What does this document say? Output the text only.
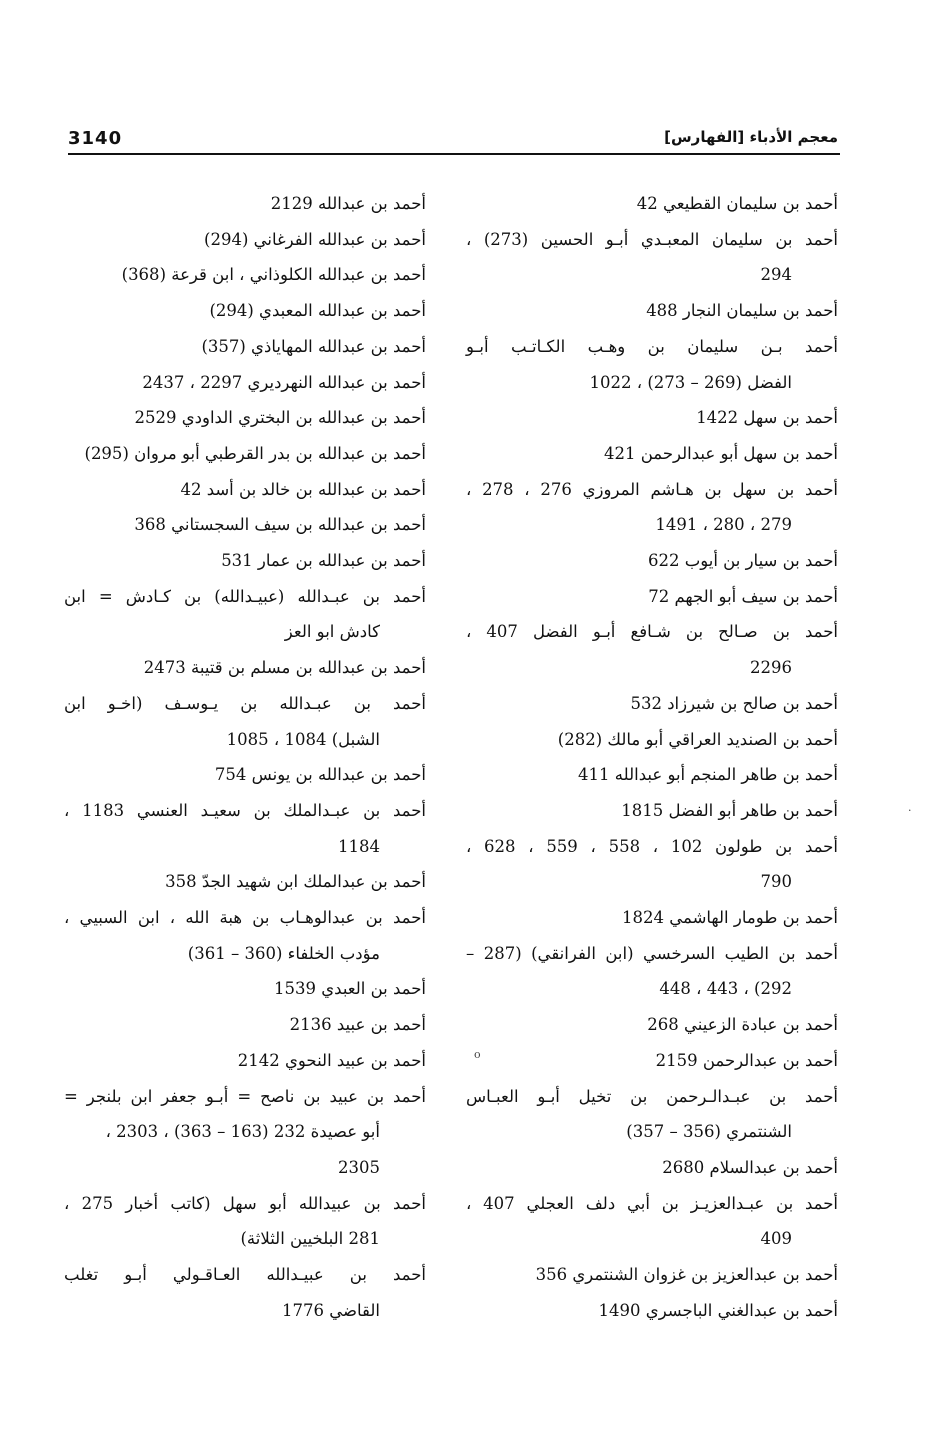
معجم الأدباء [الفهارس]
3140
أحمد بن سليمان القطيعي 42
أحمد بن سليمان المعبـدي أبـو الحسين (273) ،
294
أحمد بن سليمان النجار 488
أحمد بـن سليمان بن وهـب الكـاتـب أبـو
الفضل (269 – 273) ، 1022
أحمد بن سهل 1422
أحمد بن سهل أبو عبدالرحمن 421
أحمد بن سهل بن هـاشم المروزي 276 ، 278 ،
279 ، 280 ، 1491
أحمد بن سيار بن أيوب 622
أحمد بن سيف أبو الجهم 72
أحمد بن صـالح بن شـافع أبـو الفضل 407 ،
2296
أحمد بن صالح بن شيرزاد 532
أحمد بن الصنديد العراقي أبو مالك (282)
أحمد بن طاهر المنجم أبو عبدالله 411
أحمد بن طاهر أبو الفضل 1815
أحمد بن طولون 102 ، 558 ، 559 ، 628 ،
790
أحمد بن طومار الهاشمي 1824
أحمد بن الطيب السرخسي (ابن الفرانقي) (287 –
292) ، 443 ، 448
أحمد بن عبادة الزعيني 268
أحمد بن عبدالرحمن 2159
أحمد بن عبـدالـرحمن بن تخيل أبـو العبـاس
الشنتمري (356 – 357)
أحمد بن عبدالسلام 2680
أحمد بن عبـدالعزيـز بن أبي دلف العجلي 407 ،
409
أحمد بن عبدالعزيز بن غزوان الشنتمري 356
أحمد بن عبدالغني الباجسري 1490
أحمد بن عبدالله 2129
أحمد بن عبدالله الفرغاني (294)
أحمد بن عبدالله الكلوذاني ، ابن قرعة (368)
أحمد بن عبدالله المعبدي (294)
أحمد بن عبدالله المهاياذي (357)
أحمد بن عبدالله النهرديري 2297 ، 2437
أحمد بن عبدالله بن البختري الداودي 2529
أحمد بن عبدالله بن بدر القرطبي أبو مروان (295)
أحمد بن عبدالله بن خالد بن أسد 42
أحمد بن عبدالله بن سيف السجستاني 368
أحمد بن عبدالله بن عمار 531
أحمد بن عبـدالله (عبيـدالله) بن كـادش = ابن
كادش ابو العز
أحمد بن عبدالله بن مسلم بن قتيبة 2473
أحمد بن عبـدالله بن يـوسـف (اخـو ابن
الشبل) 1084 ، 1085
أحمد بن عبدالله بن يونس 754
أحمد بن عبـدالملك بن سعيـد العنسي 1183 ،
1184
أحمد بن عبدالملك ابن شهيد الجدّ 358
أحمد بن عبدالوهـاب بن هبة الله ، ابن السبيي ،
مؤدب الخلفاء (360 – 361)
أحمد بن العبدي 1539
أحمد بن عبيد 2136
أحمد بن عبيد النحوي 2142
أحمد بن عبيد بن ناصح = أبـو جعفر ابن بلنجر =
أبو عصيدة 232 (163 – 363) ، 2303 ،
2305
أحمد بن عبيدالله أبو سهل (كاتب أخبار 275 ،
281 البلخيين الثلاثة)
أحمد بن عبيـدالله العـاقـولي أبـو تغلب
القاضي 1776
o
·
